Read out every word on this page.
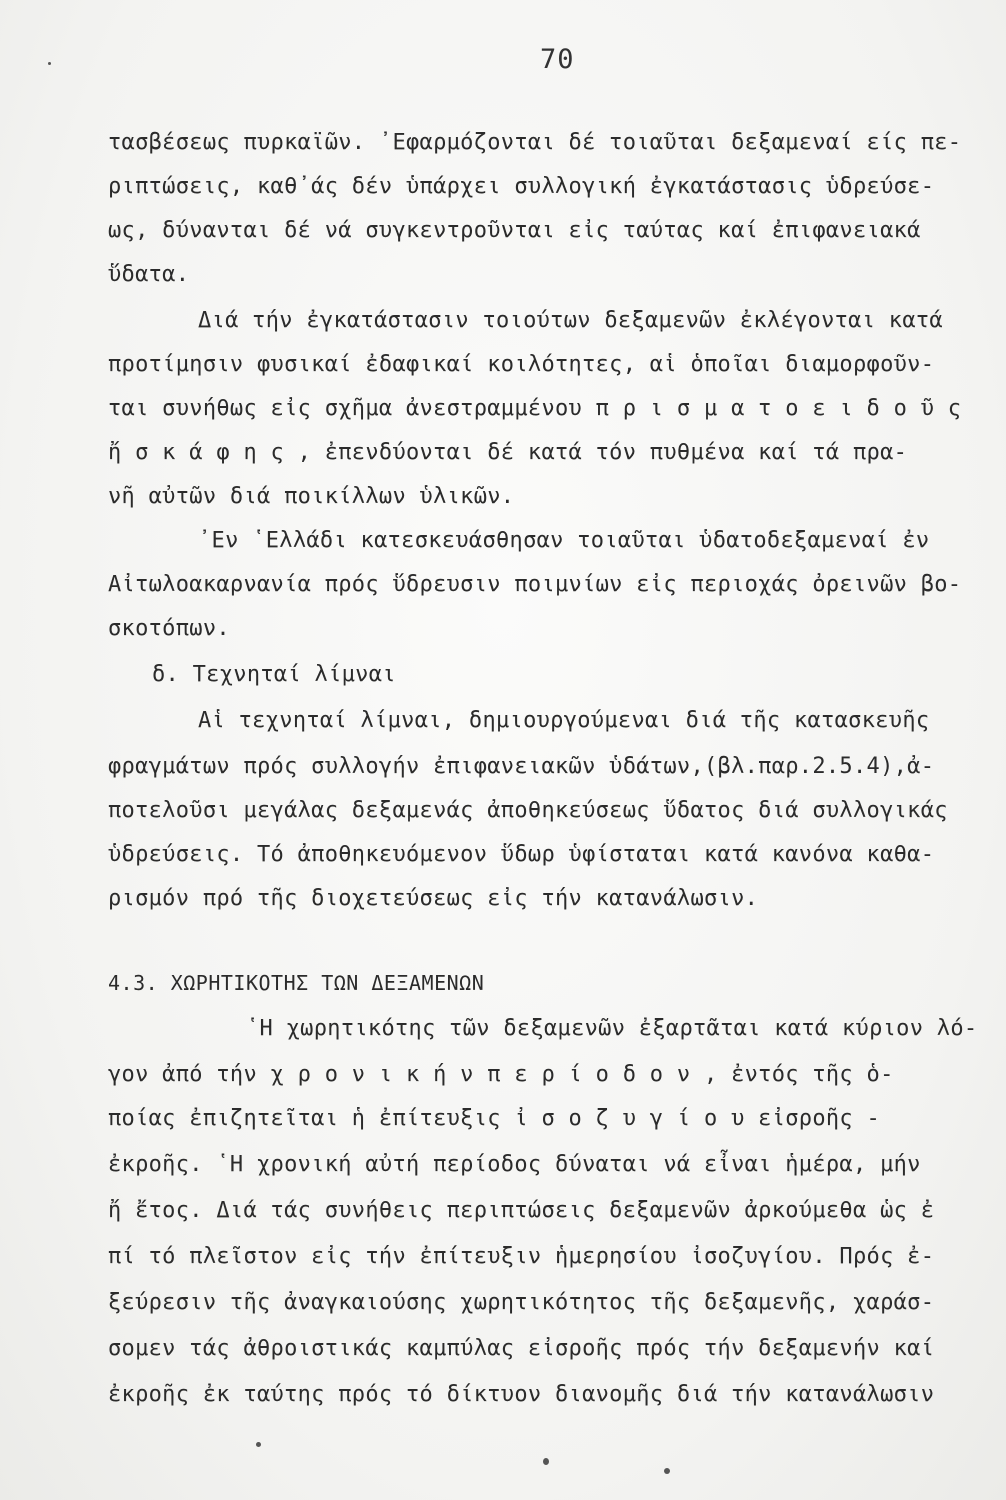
70
τασβέσεως πυρκαϊῶν. ᾿Εφαρμόζονται δέ τοιαῦται δεξαμεναί είς πε-
ριπτώσεις, καθ᾿άς δέν ὑπάρχει συλλογική ἐγκατάστασις ὑδρεύσε-
ως, δύνανται δέ νά συγκεντροῦνται εἰς ταύτας καί ἐπιφανειακά
ὕδατα.
Διά τήν ἐγκατάστασιν τοιούτων δεξαμενῶν ἐκλέγονται κατά
προτίμησιν φυσικαί ἐδαφικαί κοιλότητες, αἱ ὁποῖαι διαμορφοῦν-
ται συνήθως εἰς σχῆμα ἀνεστραμμένου π ρ ι σ μ α τ ο ε ι δ ο ῦ ς
ἤ σ κ ά φ η ς , ἐπενδύονται δέ κατά τόν πυθμένα καί τά πρα-
νῆ αὐτῶν διά ποικίλλων ὑλικῶν.
᾿Εν ῾Ελλάδι κατεσκευάσθησαν τοιαῦται ὑδατοδεξαμεναί ἐν
Αἰτωλοακαρνανία πρός ὕδρευσιν ποιμνίων εἰς περιοχάς ὀρεινῶν βο-
σκοτόπων.
δ. Τεχνηταί λίμναι
Αἱ τεχνηταί λίμναι, δημιουργούμεναι διά τῆς κατασκευῆς
φραγμάτων πρός συλλογήν ἐπιφανειακῶν ὑδάτων,(βλ.παρ.2.5.4),ἀ-
ποτελοῦσι μεγάλας δεξαμενάς ἀποθηκεύσεως ὕδατος διά συλλογικάς
ὑδρεύσεις. Τό ἀποθηκευόμενον ὕδωρ ὑφίσταται κατά κανόνα καθα-
ρισμόν πρό τῆς διοχετεύσεως εἰς τήν κατανάλωσιν.
4.3. ΧΩΡΗΤΙΚΟΤΗΣ ΤΩΝ ΔΕΞΑΜΕΝΩΝ
῾Η χωρητικότης τῶν δεξαμενῶν ἐξαρτᾶται κατά κύριον λό-
γον ἀπό τήν χ ρ ο ν ι κ ή ν π ε ρ ί ο δ ο ν , ἐντός τῆς ὁ-
ποίας ἐπιζητεῖται ἡ ἐπίτευξις ἰ σ ο ζ υ γ ί ο υ εἰσροῆς -
ἐκροῆς. ῾Η χρονική αὐτή περίοδος δύναται νά εἶναι ἡμέρα, μήν
ἤ ἔτος. Διά τάς συνήθεις περιπτώσεις δεξαμενῶν ἀρκούμεθα ὡς ἐ
πί τό πλεῖστον εἰς τήν ἐπίτευξιν ἡμερησίου ἰσοζυγίου. Πρός ἐ-
ξεύρεσιν τῆς ἀναγκαιούσης χωρητικότητος τῆς δεξαμενῆς, χαράσ-
σομεν τάς ἀθροιστικάς καμπύλας εἰσροῆς πρός τήν δεξαμενήν καί
ἐκροῆς ἐκ ταύτης πρός τό δίκτυον διανομῆς διά τήν κατανάλωσιν
